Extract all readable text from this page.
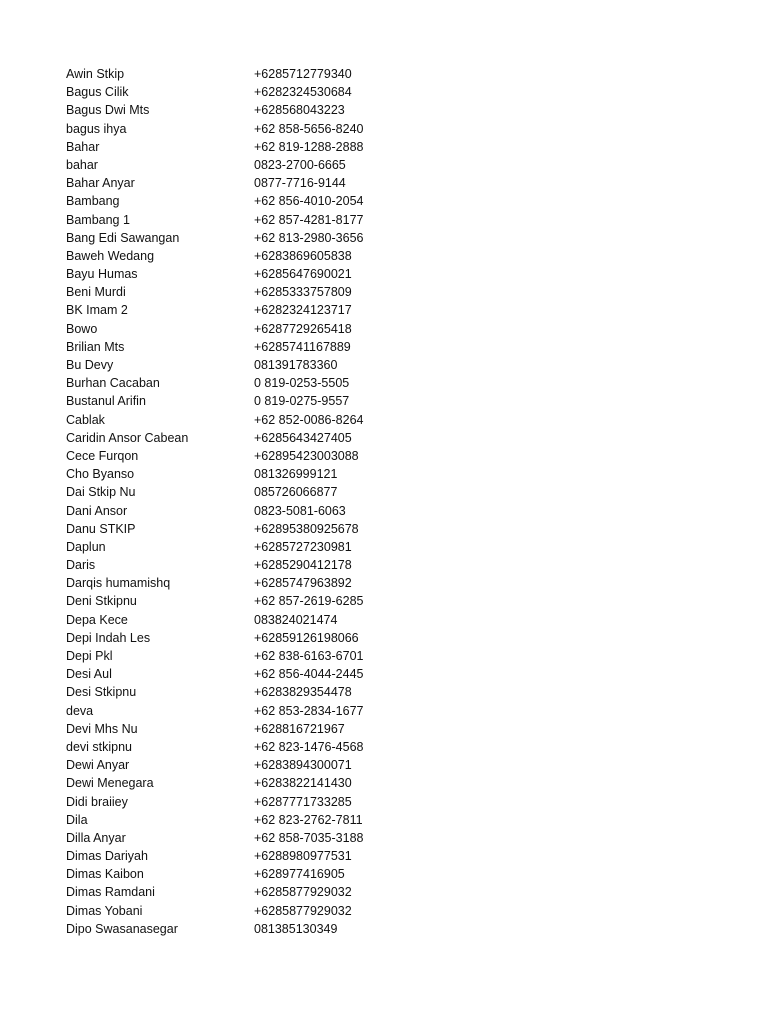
Awin Stkip	+6285712779340
Bagus Cilik	+6282324530684
Bagus Dwi Mts	+628568043223
bagus ihya	+62 858-5656-8240
Bahar	+62 819-1288-2888
bahar	0823-2700-6665
Bahar Anyar	0877-7716-9144
Bambang	+62 856-4010-2054
Bambang 1	+62 857-4281-8177
Bang Edi Sawangan	+62 813-2980-3656
Baweh Wedang	+6283869605838
Bayu Humas	+6285647690021
Beni Murdi	+6285333757809
BK Imam 2	+6282324123717
Bowo	+6287729265418
Brilian Mts	+6285741167889
Bu Devy	081391783360
Burhan Cacaban	0 819-0253-5505
Bustanul Arifin	0 819-0275-9557
Cablak	+62 852-0086-8264
Caridin Ansor Cabean	+6285643427405
Cece Furqon	+62895423003088
Cho Byanso	081326999121
Dai Stkip Nu	085726066877
Dani Ansor	0823-5081-6063
Danu STKIP	+62895380925678
Daplun	+6285727230981
Daris	+6285290412178
Darqis humamishq	+6285747963892
Deni Stkipnu	+62 857-2619-6285
Depa Kece	083824021474
Depi Indah Les	+62859126198066
Depi Pkl	+62 838-6163-6701
Desi Aul	+62 856-4044-2445
Desi Stkipnu	+6283829354478
deva	+62 853-2834-1677
Devi Mhs Nu	+628816721967
devi stkipnu	+62 823-1476-4568
Dewi Anyar	+6283894300071
Dewi Menegara	+6283822141430
Didi braiiey	+6287771733285
Dila	+62 823-2762-7811
Dilla Anyar	+62 858-7035-3188
Dimas Dariyah	+6288980977531
Dimas Kaibon	+628977416905
Dimas Ramdani	+6285877929032
Dimas Yobani	+6285877929032
Dipo Swasanasegar	081385130349
